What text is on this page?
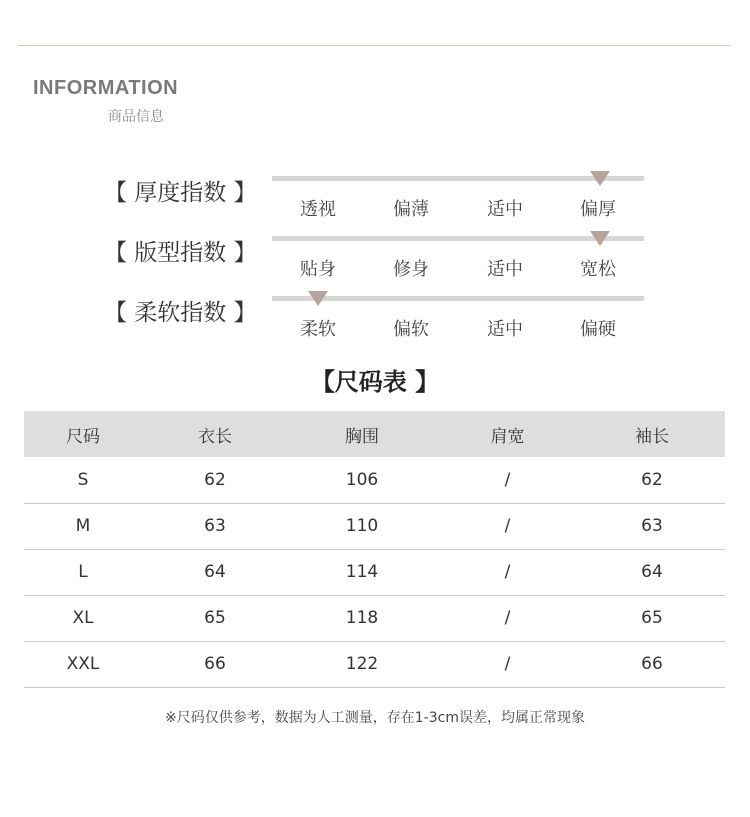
INFORMATION
商品信息
【 厚度指数 】
透视	偏薄	适中	偏厚
【 版型指数 】
贴身	修身	适中	宽松
【 柔软指数 】
柔软	偏软	适中	偏硬
【尺码表 】
尺码	衣长	胸围	肩宽	袖长
S	62	106	/	62
M	63	110	/	63
L	64	114	/	64
XL	65	118	/	65
XXL	66	122	/	66
※尺码仅供参考，数据为人工测量，存在1-3cm误差，均属正常现象
